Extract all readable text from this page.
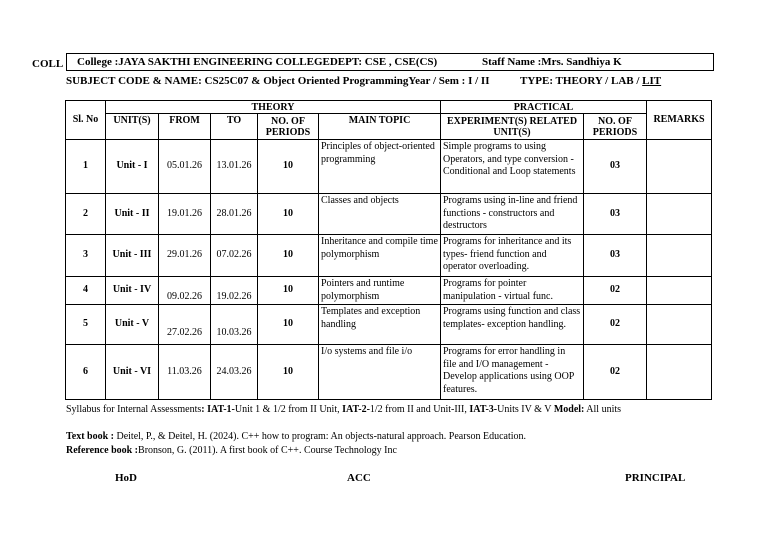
COLL College :JAYA SAKTHI ENGINEERING COLLEGEDEPT: CSE , CSE(CS)	Staff Name :Mrs. Sandhiya K
SUBJECT CODE & NAME: CS25C07 & Object Oriented ProgrammingYear / Sem : I / II	TYPE: THEORY / LAB / LIT
Sl. No	THEORY					PRACTICAL		REMARKS
	UNIT(S)	FROM	TO	NO. OF PERIODS	MAIN TOPIC	EXPERIMENT(S) RELATED UNIT(S)	NO. OF PERIODS	
1	Unit - I	05.01.26	13.01.26	10	Principles of object-oriented programming	Simple programs to using Operators, and type conversion - Conditional and Loop statements	03	
2	Unit - II	19.01.26	28.01.26	10	Classes and objects	Programs using in-line and friend functions - constructors and destructors	03	
3	Unit - III	29.01.26	07.02.26	10	Inheritance and compile time polymorphism	Programs for inheritance and its types- friend function and operator overloading.	03	
4	Unit - IV	09.02.26	19.02.26	10	Pointers and runtime polymorphism	Programs for pointer manipulation - virtual func.	02	
5	Unit - V	27.02.26	10.03.26	10	Templates and exception handling	Programs using function and class templates- exception handling.	02	
6	Unit - VI	11.03.26	24.03.26	10	I/o systems and file i/o	Programs for error handling in file and I/O management - Develop applications using OOP features.	02	
Syllabus for Internal Assessments: IAT-1-Unit 1 & 1/2 from II Unit, IAT-2-1/2 from II and Unit-III, IAT-3-Units IV & V Model: All units
Text book : Deitel, P., & Deitel, H. (2024). C++ how to program: An objects-natural approach. Pearson Education.
Reference book :Bronson, G. (2011). A first book of C++. Course Technology Inc
HoD	ACC	PRINCIPAL
